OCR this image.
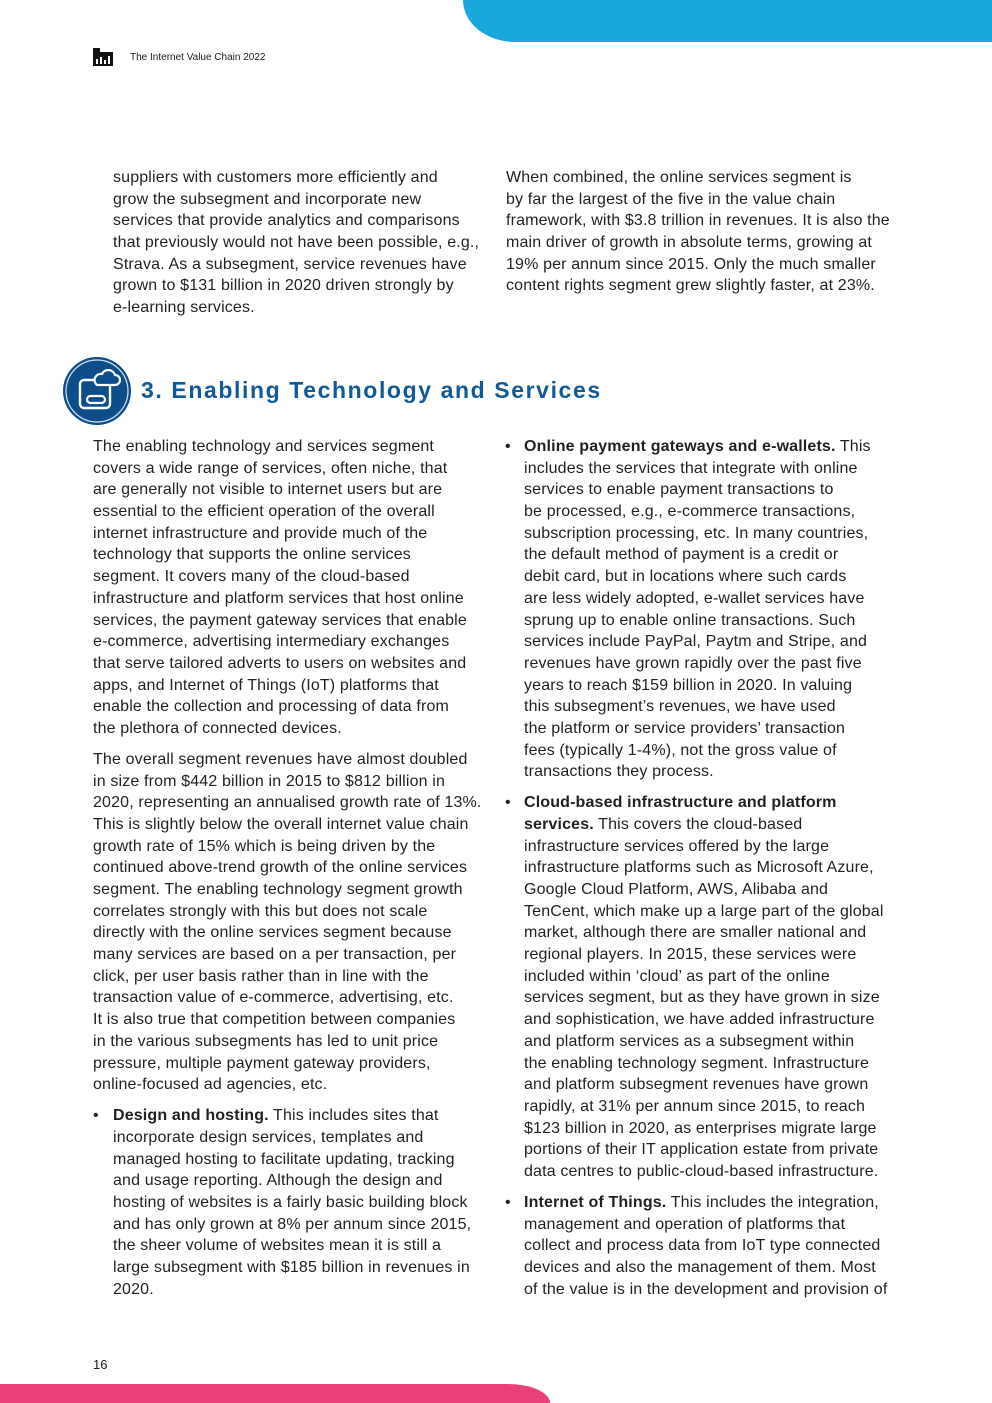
The Internet Value Chain 2022
suppliers with customers more efficiently and
grow the subsegment and incorporate new
services that provide analytics and comparisons
that previously would not have been possible, e.g.,
Strava. As a subsegment, service revenues have
grown to $131 billion in 2020 driven strongly by
e-learning services.
When combined, the online services segment is
by far the largest of the five in the value chain
framework, with $3.8 trillion in revenues. It is also the
main driver of growth in absolute terms, growing at
19% per annum since 2015. Only the much smaller
content rights segment grew slightly faster, at 23%.
3. Enabling Technology and Services
The enabling technology and services segment
covers a wide range of services, often niche, that
are generally not visible to internet users but are
essential to the efficient operation of the overall
internet infrastructure and provide much of the
technology that supports the online services
segment. It covers many of the cloud-based
infrastructure and platform services that host online
services, the payment gateway services that enable
e-commerce, advertising intermediary exchanges
that serve tailored adverts to users on websites and
apps, and Internet of Things (IoT) platforms that
enable the collection and processing of data from
the plethora of connected devices.
The overall segment revenues have almost doubled
in size from $442 billion in 2015 to $812 billion in
2020, representing an annualised growth rate of 13%.
This is slightly below the overall internet value chain
growth rate of 15% which is being driven by the
continued above-trend growth of the online services
segment. The enabling technology segment growth
correlates strongly with this but does not scale
directly with the online services segment because
many services are based on a per transaction, per
click, per user basis rather than in line with the
transaction value of e-commerce, advertising, etc.
It is also true that competition between companies
in the various subsegments has led to unit price
pressure, multiple payment gateway providers,
online-focused ad agencies, etc.
• Design and hosting. This includes sites that
incorporate design services, templates and
managed hosting to facilitate updating, tracking
and usage reporting. Although the design and
hosting of websites is a fairly basic building block
and has only grown at 8% per annum since 2015,
the sheer volume of websites mean it is still a
large subsegment with $185 billion in revenues in
2020.
• Online payment gateways and e-wallets. This
includes the services that integrate with online
services to enable payment transactions to
be processed, e.g., e-commerce transactions,
subscription processing, etc. In many countries,
the default method of payment is a credit or
debit card, but in locations where such cards
are less widely adopted, e-wallet services have
sprung up to enable online transactions. Such
services include PayPal, Paytm and Stripe, and
revenues have grown rapidly over the past five
years to reach $159 billion in 2020. In valuing
this subsegment’s revenues, we have used
the platform or service providers’ transaction
fees (typically 1-4%), not the gross value of
transactions they process.
• Cloud-based infrastructure and platform
services. This covers the cloud-based
infrastructure services offered by the large
infrastructure platforms such as Microsoft Azure,
Google Cloud Platform, AWS, Alibaba and
TenCent, which make up a large part of the global
market, although there are smaller national and
regional players. In 2015, these services were
included within ‘cloud’ as part of the online
services segment, but as they have grown in size
and sophistication, we have added infrastructure
and platform services as a subsegment within
the enabling technology segment. Infrastructure
and platform subsegment revenues have grown
rapidly, at 31% per annum since 2015, to reach
$123 billion in 2020, as enterprises migrate large
portions of their IT application estate from private
data centres to public-cloud-based infrastructure.
• Internet of Things. This includes the integration,
management and operation of platforms that
collect and process data from IoT type connected
devices and also the management of them. Most
of the value is in the development and provision of
16
